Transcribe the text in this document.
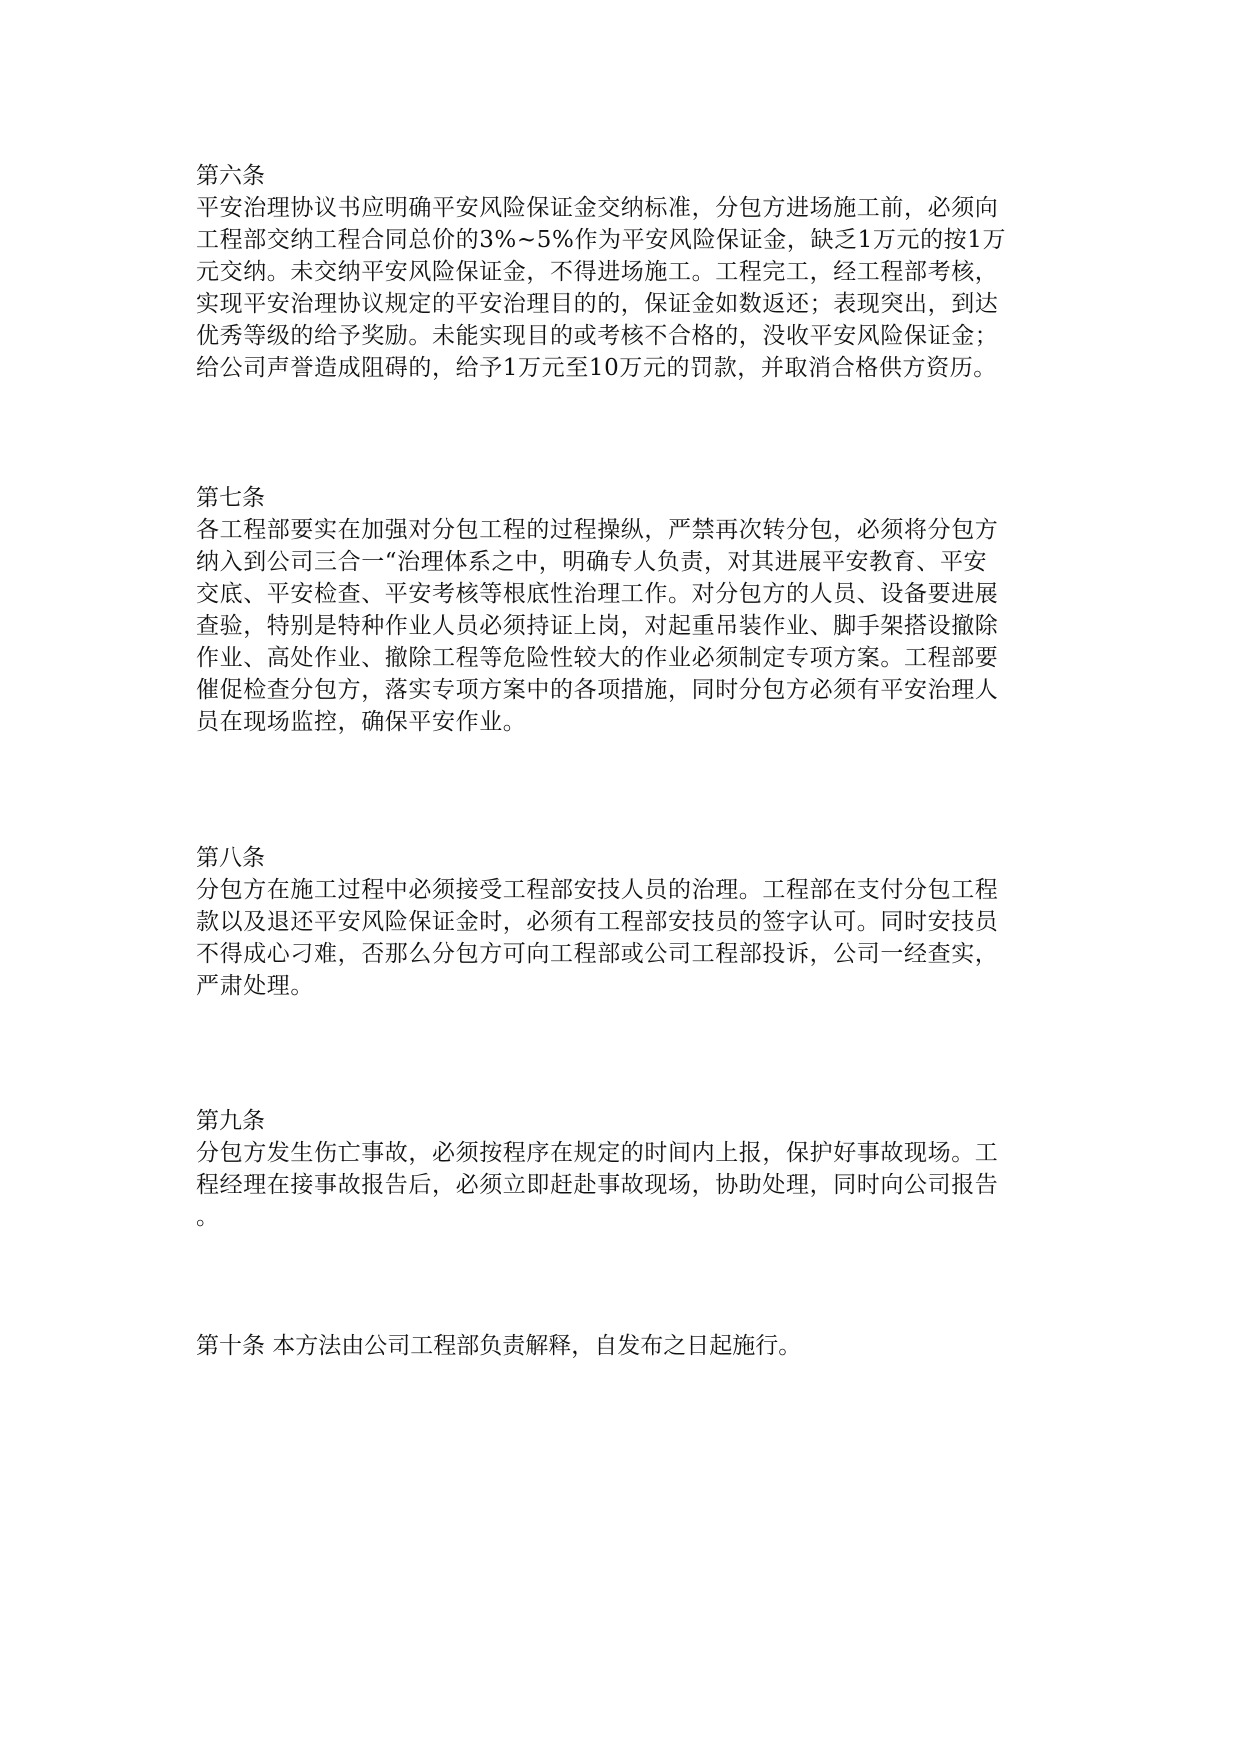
第六条

平安治理协议书应明确平安风险保证金交纳标准，分包方进场施工前，必须向
工程部交纳工程合同总价的3%~5%作为平安风险保证金，缺乏1万元的按1万
元交纳。未交纳平安风险保证金，不得进场施工。工程完工，经工程部考核，
实现平安治理协议规定的平安治理目的的，保证金如数返还；表现突出，到达
优秀等级的给予奖励。未能实现目的或考核不合格的，没收平安风险保证金；
给公司声誉造成阻碍的，给予1万元至10万元的罚款，并取消合格供方资历。

第七条

各工程部要实在加强对分包工程的过程操纵，严禁再次转分包，必须将分包方
纳入到公司三合一“治理体系之中，明确专人负责，对其进展平安教育、平安
交底、平安检查、平安考核等根底性治理工作。对分包方的人员、设备要进展
查验，特别是特种作业人员必须持证上岗，对起重吊装作业、脚手架搭设撤除
作业、高处作业、撤除工程等危险性较大的作业必须制定专项方案。工程部要
催促检查分包方，落实专项方案中的各项措施，同时分包方必须有平安治理人
员在现场监控，确保平安作业。

第八条

分包方在施工过程中必须接受工程部安技人员的治理。工程部在支付分包工程
款以及退还平安风险保证金时，必须有工程部安技员的签字认可。同时安技员
不得成心刁难，否那么分包方可向工程部或公司工程部投诉，公司一经查实，
严肃处理。

第九条

分包方发生伤亡事故，必须按程序在规定的时间内上报，保护好事故现场。工
程经理在接事故报告后，必须立即赶赴事故现场，协助处理，同时向公司报告
。

第十条 本方法由公司工程部负责解释，自发布之日起施行。
